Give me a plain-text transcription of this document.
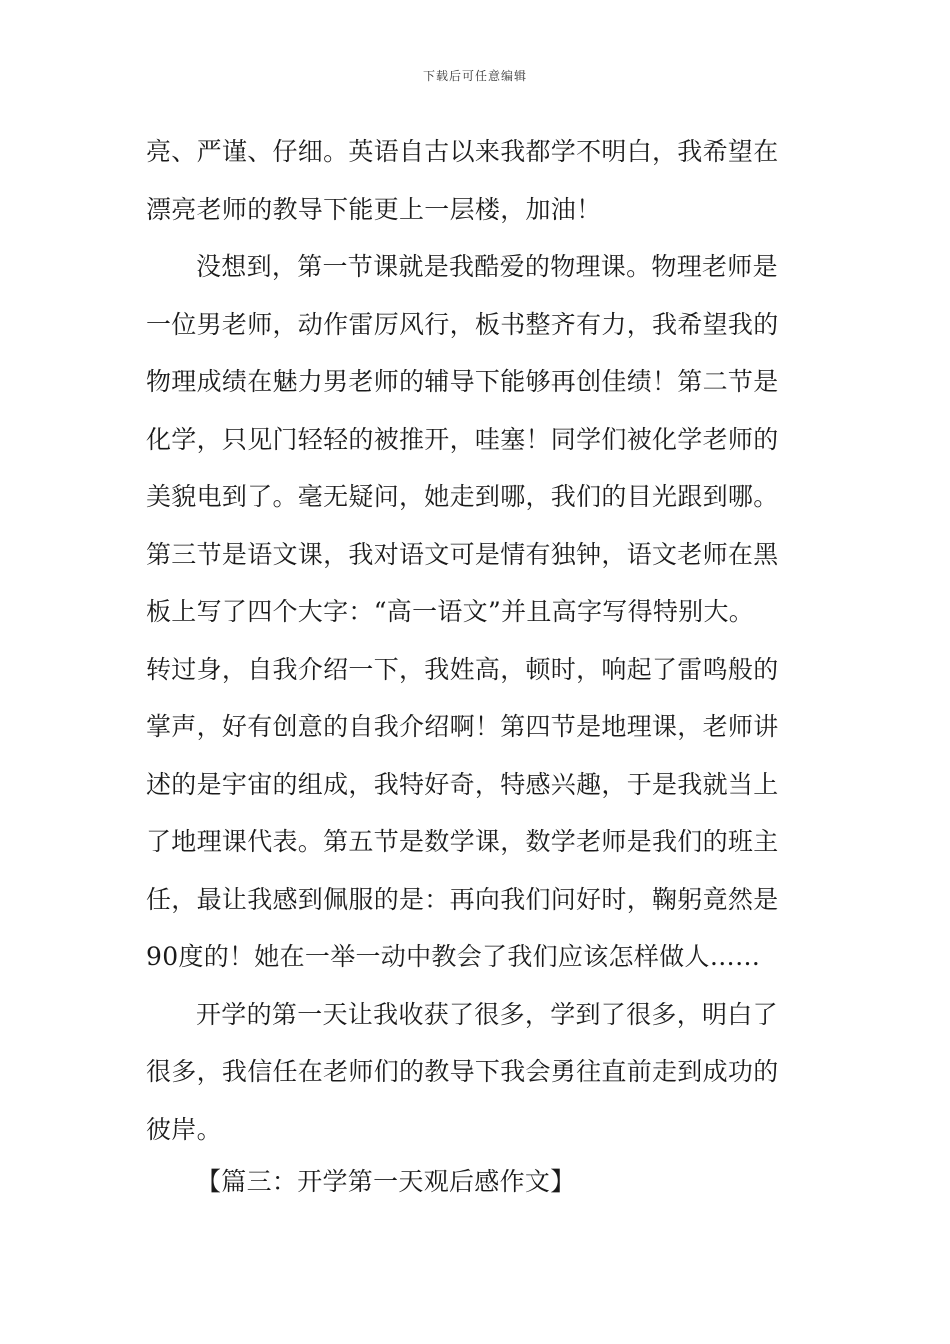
下载后可任意编辑
亮、严谨、仔细。英语自古以来我都学不明白，我希望在
漂亮老师的教导下能更上一层楼，加油！
没想到，第一节课就是我酷爱的物理课。物理老师是
一位男老师，动作雷厉风行，板书整齐有力，我希望我的
物理成绩在魅力男老师的辅导下能够再创佳绩！第二节是
化学，只见门轻轻的被推开，哇塞！同学们被化学老师的
美貌电到了。毫无疑问，她走到哪，我们的目光跟到哪。
第三节是语文课，我对语文可是情有独钟，语文老师在黑
板上写了四个大字：“高一语文”并且高字写得特别大。
转过身，自我介绍一下，我姓高，顿时，响起了雷鸣般的
掌声，好有创意的自我介绍啊！第四节是地理课，老师讲
述的是宇宙的组成，我特好奇，特感兴趣，于是我就当上
了地理课代表。第五节是数学课，数学老师是我们的班主
任，最让我感到佩服的是：再向我们问好时，鞠躬竟然是
90度的！她在一举一动中教会了我们应该怎样做人……
开学的第一天让我收获了很多，学到了很多，明白了
很多，我信任在老师们的教导下我会勇往直前走到成功的
彼岸。
【篇三：开学第一天观后感作文】
